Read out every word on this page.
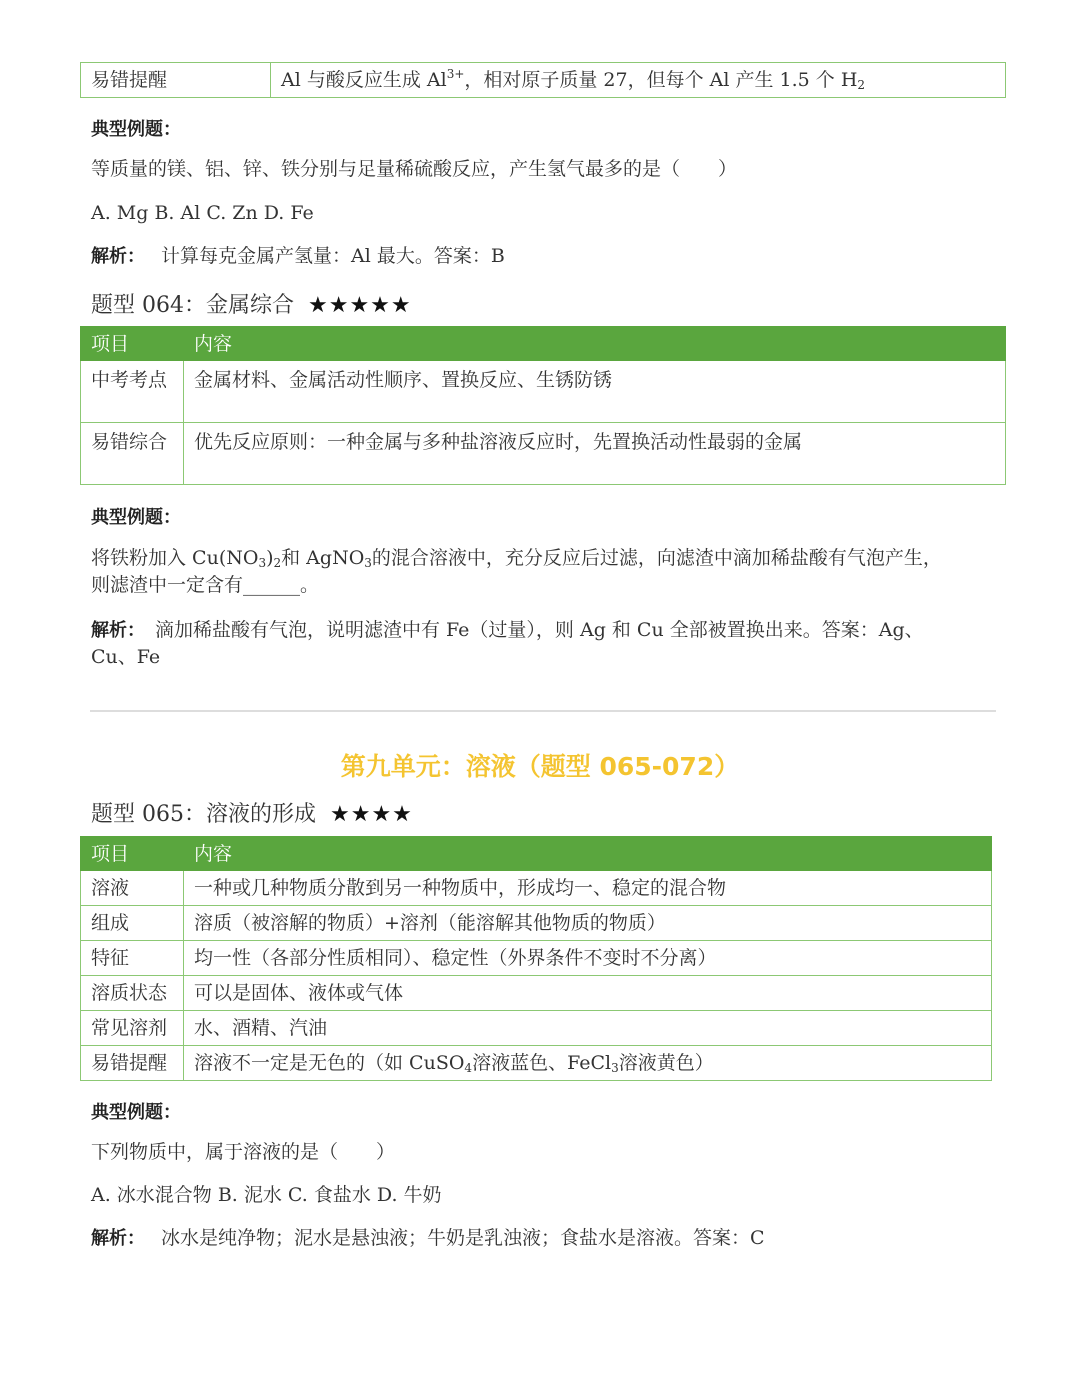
易错提醒	Al 与酸反应生成 $Al^{3+}$，相对原子质量 27，但每个 Al 产生 1.5 个 $H_2$
典型例题：
等质量的镁、铝、锌、铁分别与足量稀硫酸反应，产生氢气最多的是（　　）
A. Mg B. Al C. Zn D. Fe
解析： 计算每克金属产氢量：Al 最大。答案：B
题型 064：金属综合 ★★★★★
项目	内容
中考考点	金属材料、金属活动性顺序、置换反应、生锈防锈
易错综合	优先反应原则：一种金属与多种盐溶液反应时，先置换活动性最弱的金属
典型例题：
将铁粉加入 $Cu(NO_3)_2$和 AgNO$_3$的混合溶液中，充分反应后过滤，向滤渣中滴加稀盐酸有气泡产生，
则滤渣中一定含有______。
解析： 滴加稀盐酸有气泡，说明滤渣中有 Fe（过量），则 Ag 和 Cu 全部被置换出来。答案：Ag、
Cu、Fe
第九单元：溶液（题型 065-072）
题型 065：溶液的形成 ★★★★
项目	内容
溶液	一种或几种物质分散到另一种物质中，形成均一、稳定的混合物
组成	溶质（被溶解的物质）+溶剂（能溶解其他物质的物质）
特征	均一性（各部分性质相同）、稳定性（外界条件不变时不分离）
溶质状态	可以是固体、液体或气体
常见溶剂	水、酒精、汽油
易错提醒	溶液不一定是无色的（如 CuSO$_4$溶液蓝色、FeCl$_3$溶液黄色）
典型例题：
下列物质中，属于溶液的是（　　）
A. 冰水混合物 B. 泥水 C. 食盐水 D. 牛奶
解析： 冰水是纯净物；泥水是悬浊液；牛奶是乳浊液；食盐水是溶液。答案：C
